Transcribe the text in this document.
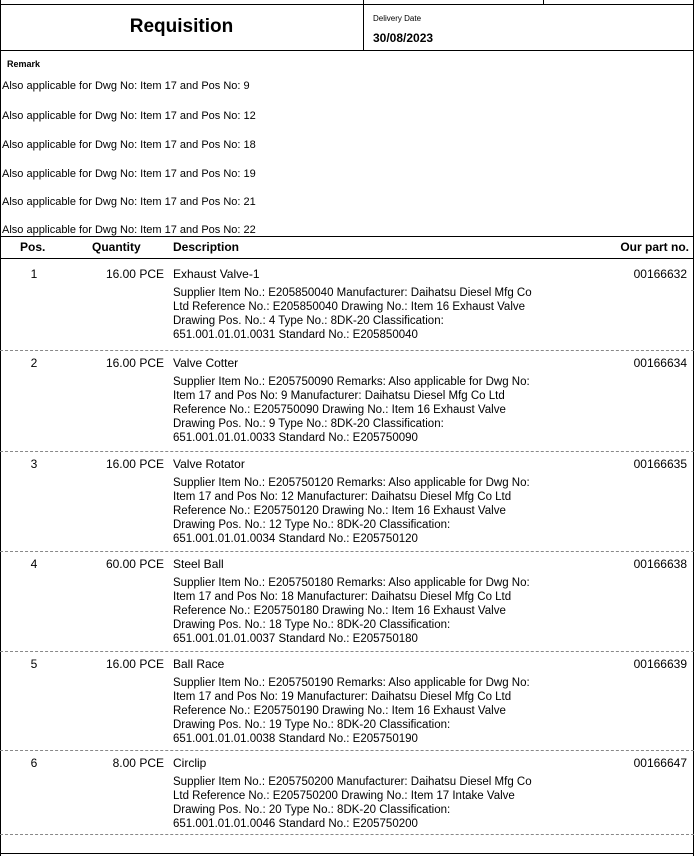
Requisition	Delivery Date
30/08/2023
Remark
Also applicable for Dwg No: Item 17 and Pos No: 9
Also applicable for Dwg No: Item 17 and Pos No: 12
Also applicable for Dwg No: Item 17 and Pos No: 18
Also applicable for Dwg No: Item 17 and Pos No: 19
Also applicable for Dwg No: Item 17 and Pos No: 21
Also applicable for Dwg No: Item 17 and Pos No: 22
Pos.	Quantity	Description	Our part no.
1	16.00 PCE Exhaust Valve-1	00166632
Supplier Item No.: E205850040 Manufacturer: Daihatsu Diesel Mfg Co Ltd Reference No.: E205850040 Drawing No.: Item 16 Exhaust Valve Drawing Pos. No.: 4 Type No.: 8DK-20 Classification: 651.001.01.01.0031 Standard No.: E205850040
2	16.00 PCE Valve Cotter	00166634
Supplier Item No.: E205750090 Remarks: Also applicable for Dwg No: Item 17 and Pos No: 9 Manufacturer: Daihatsu Diesel Mfg Co Ltd Reference No.: E205750090 Drawing No.: Item 16 Exhaust Valve Drawing Pos. No.: 9 Type No.: 8DK-20 Classification: 651.001.01.01.0033 Standard No.: E205750090
3	16.00 PCE Valve Rotator	00166635
Supplier Item No.: E205750120 Remarks: Also applicable for Dwg No: Item 17 and Pos No: 12 Manufacturer: Daihatsu Diesel Mfg Co Ltd Reference No.: E205750120 Drawing No.: Item 16 Exhaust Valve Drawing Pos. No.: 12 Type No.: 8DK-20 Classification: 651.001.01.01.0034 Standard No.: E205750120
4	60.00 PCE Steel Ball	00166638
Supplier Item No.: E205750180 Remarks: Also applicable for Dwg No: Item 17 and Pos No: 18 Manufacturer: Daihatsu Diesel Mfg Co Ltd Reference No.: E205750180 Drawing No.: Item 16 Exhaust Valve Drawing Pos. No.: 18 Type No.: 8DK-20 Classification: 651.001.01.01.0037 Standard No.: E205750180
5	16.00 PCE Ball Race	00166639
Supplier Item No.: E205750190 Remarks: Also applicable for Dwg No: Item 17 and Pos No: 19 Manufacturer: Daihatsu Diesel Mfg Co Ltd Reference No.: E205750190 Drawing No.: Item 16 Exhaust Valve Drawing Pos. No.: 19 Type No.: 8DK-20 Classification: 651.001.01.01.0038 Standard No.: E205750190
6	8.00 PCE Circlip	00166647
Supplier Item No.: E205750200 Manufacturer: Daihatsu Diesel Mfg Co Ltd Reference No.: E205750200 Drawing No.: Item 17 Intake Valve Drawing Pos. No.: 20 Type No.: 8DK-20 Classification: 651.001.01.01.0046 Standard No.: E205750200
